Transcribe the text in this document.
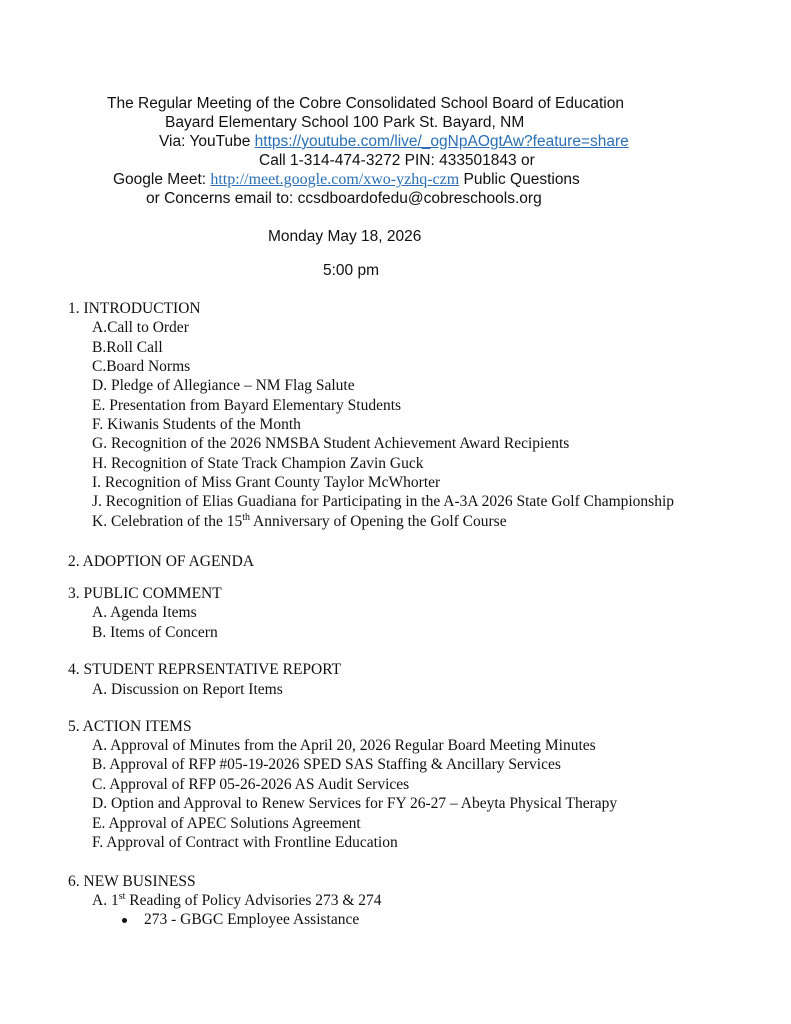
The Regular Meeting of the Cobre Consolidated School Board of Education
Bayard Elementary School 100 Park St. Bayard, NM
Via: YouTube https://youtube.com/live/_ogNpAOgtAw?feature=share
Call 1-314-474-3272 PIN: 433501843 or
Google Meet: http://meet.google.com/xwo-yzhq-czm Public Questions
or Concerns email to: ccsdboardofedu@cobreschools.org
Monday May 18, 2026
5:00 pm
1. INTRODUCTION
A.Call to Order
B.Roll Call
C.Board Norms
D. Pledge of Allegiance – NM Flag Salute
E. Presentation from Bayard Elementary Students
F. Kiwanis Students of the Month
G. Recognition of the 2026 NMSBA Student Achievement Award Recipients
H. Recognition of State Track Champion Zavin Guck
I. Recognition of Miss Grant County Taylor McWhorter
J. Recognition of Elias Guadiana for Participating in the A-3A 2026 State Golf Championship
K. Celebration of the 15th Anniversary of Opening the Golf Course
2. ADOPTION OF AGENDA
3. PUBLIC COMMENT
A. Agenda Items
B. Items of Concern
4. STUDENT REPRSENTATIVE REPORT
A. Discussion on Report Items
5. ACTION ITEMS
A. Approval of Minutes from the April 20, 2026 Regular Board Meeting Minutes
B. Approval of RFP #05-19-2026 SPED SAS Staffing & Ancillary Services
C. Approval of RFP 05-26-2026 AS Audit Services
D. Option and Approval to Renew Services for FY 26-27 – Abeyta Physical Therapy
E. Approval of APEC Solutions Agreement
F. Approval of Contract with Frontline Education
6. NEW BUSINESS
A. 1st Reading of Policy Advisories 273 & 274
273 - GBGC Employee Assistance
